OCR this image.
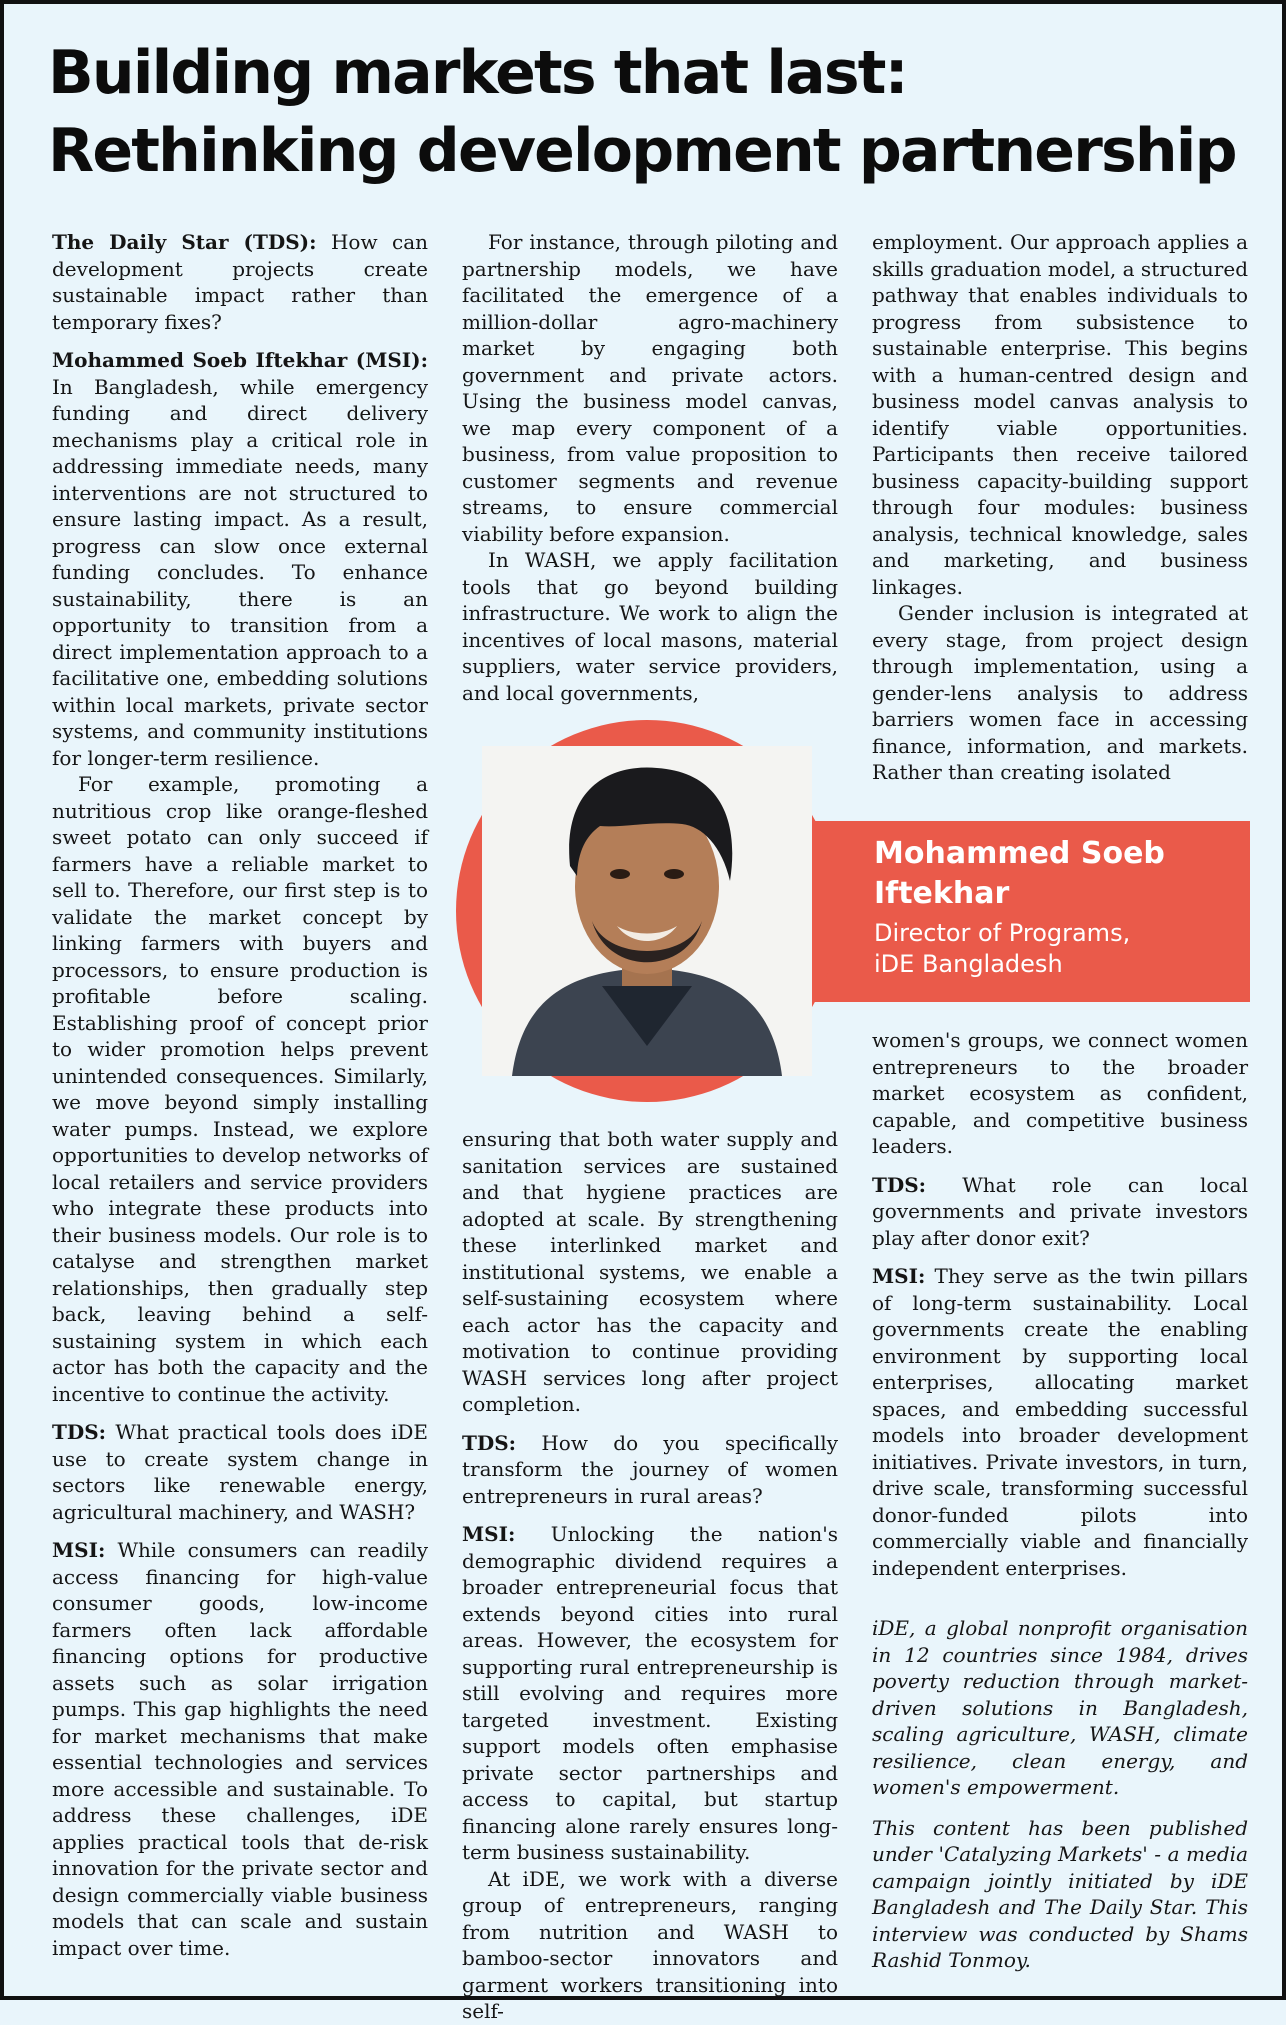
Building markets that last:
Rethinking development partnership

The Daily Star (TDS): How can development projects create sustainable impact rather than temporary fixes?

Mohammed Soeb Iftekhar (MSI): In Bangladesh, while emergency funding and direct delivery mechanisms play a critical role in addressing immediate needs, many interventions are not structured to ensure lasting impact. As a result, progress can slow once external funding concludes. To enhance sustainability, there is an opportunity to transition from a direct implementation approach to a facilitative one, embedding solutions within local markets, private sector systems, and community institutions for longer-term resilience.

For example, promoting a nutritious crop like orange-fleshed sweet potato can only succeed if farmers have a reliable market to sell to. Therefore, our first step is to validate the market concept by linking farmers with buyers and processors, to ensure production is profitable before scaling. Establishing proof of concept prior to wider promotion helps prevent unintended consequences. Similarly, we move beyond simply installing water pumps. Instead, we explore opportunities to develop networks of local retailers and service providers who integrate these products into their business models. Our role is to catalyse and strengthen market relationships, then gradually step back, leaving behind a self-sustaining system in which each actor has both the capacity and the incentive to continue the activity.

TDS: What practical tools does iDE use to create system change in sectors like renewable energy, agricultural machinery, and WASH?

MSI: While consumers can readily access financing for high-value consumer goods, low-income farmers often lack affordable financing options for productive assets such as solar irrigation pumps. This gap highlights the need for market mechanisms that make essential technologies and services more accessible and sustainable. To address these challenges, iDE applies practical tools that de-risk innovation for the private sector and design commercially viable business models that can scale and sustain impact over time.

For instance, through piloting and partnership models, we have facilitated the emergence of a million-dollar agro-machinery market by engaging both government and private actors. Using the business model canvas, we map every component of a business, from value proposition to customer segments and revenue streams, to ensure commercial viability before expansion.

In WASH, we apply facilitation tools that go beyond building infrastructure. We work to align the incentives of local masons, material suppliers, water service providers, and local governments,

employment. Our approach applies a skills graduation model, a structured pathway that enables individuals to progress from subsistence to sustainable enterprise. This begins with a human-centred design and business model canvas analysis to identify viable opportunities. Participants then receive tailored business capacity-building support through four modules: business analysis, technical knowledge, sales and marketing, and business linkages.

Gender inclusion is integrated at every stage, from project design through implementation, using a gender-lens analysis to address barriers women face in accessing finance, information, and markets. Rather than creating isolated

Mohammed Soeb Iftekhar
Director of Programs,
iDE Bangladesh

ensuring that both water supply and sanitation services are sustained and that hygiene practices are adopted at scale. By strengthening these interlinked market and institutional systems, we enable a self-sustaining ecosystem where each actor has the capacity and motivation to continue providing WASH services long after project completion.

TDS: How do you specifically transform the journey of women entrepreneurs in rural areas?

MSI: Unlocking the nation's demographic dividend requires a broader entrepreneurial focus that extends beyond cities into rural areas. However, the ecosystem for supporting rural entrepreneurship is still evolving and requires more targeted investment. Existing support models often emphasise private sector partnerships and access to capital, but startup financing alone rarely ensures long-term business sustainability.

At iDE, we work with a diverse group of entrepreneurs, ranging from nutrition and WASH to bamboo-sector innovators and garment workers transitioning into self-

women's groups, we connect women entrepreneurs to the broader market ecosystem as confident, capable, and competitive business leaders.

TDS: What role can local governments and private investors play after donor exit?

MSI: They serve as the twin pillars of long-term sustainability. Local governments create the enabling environment by supporting local enterprises, allocating market spaces, and embedding successful models into broader development initiatives. Private investors, in turn, drive scale, transforming successful donor-funded pilots into commercially viable and financially independent enterprises.

iDE, a global nonprofit organisation in 12 countries since 1984, drives poverty reduction through market-driven solutions in Bangladesh, scaling agriculture, WASH, climate resilience, clean energy, and women's empowerment.

This content has been published under 'Catalyzing Markets' - a media campaign jointly initiated by iDE Bangladesh and The Daily Star. This interview was conducted by Shams Rashid Tonmoy.
